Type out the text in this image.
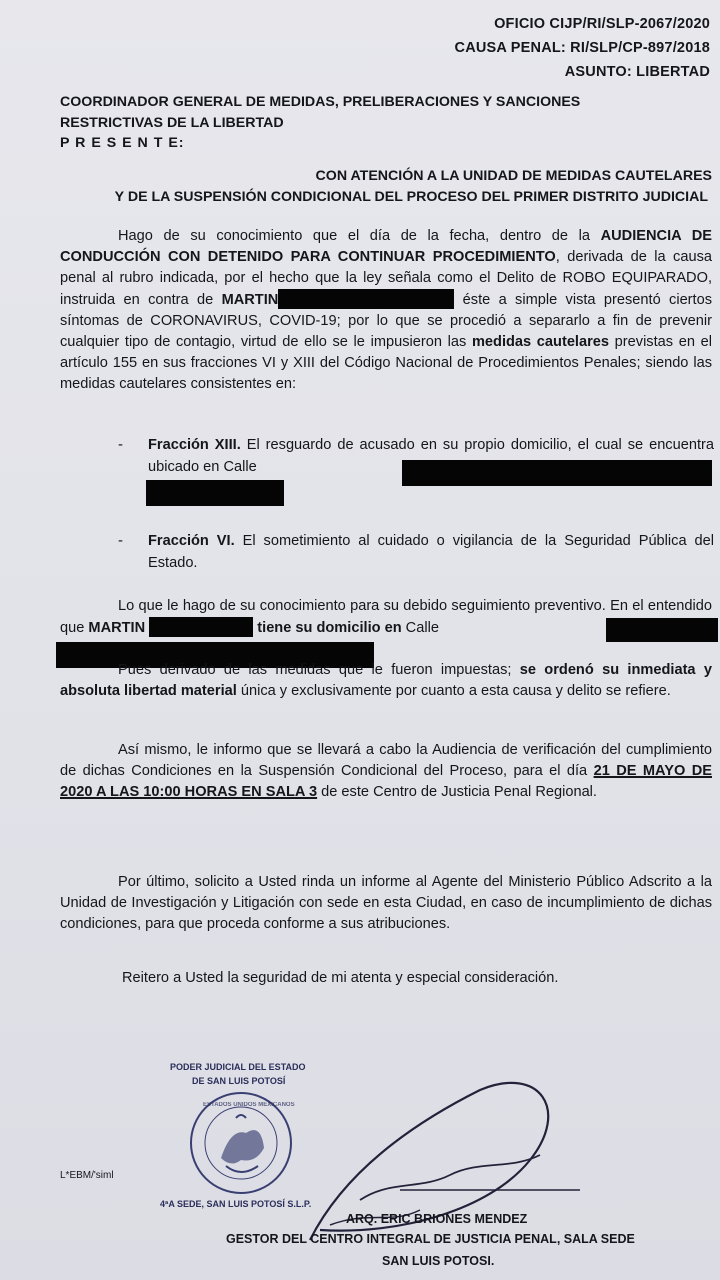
OFICIO CIJP/RI/SLP-2067/2020
CAUSA PENAL: RI/SLP/CP-897/2018
ASUNTO: LIBERTAD
COORDINADOR GENERAL DE MEDIDAS, PRELIBERACIONES Y SANCIONES
RESTRICTIVAS DE LA LIBERTAD
P R E S E N T E:
CON ATENCIÓN A LA UNIDAD DE MEDIDAS CAUTELARES
Y DE LA SUSPENSIÓN CONDICIONAL DEL PROCESO DEL PRIMER DISTRITO JUDICIAL
Hago de su conocimiento que el día de la fecha, dentro de la AUDIENCIA DE CONDUCCIÓN CON DETENIDO PARA CONTINUAR PROCEDIMIENTO, derivada de la causa penal al rubro indicada, por el hecho que la ley señala como el Delito de ROBO EQUIPARADO, instruida en contra de MARTIN	éste a simple vista presentó ciertos síntomas de CORONAVIRUS, COVID-19; por lo que se procedió a separarlo a fin de prevenir cualquier tipo de contagio, virtud de ello se le impusieron las medidas cautelares previstas en el artículo 155 en sus fracciones VI y XIII del Código Nacional de Procedimientos Penales; siendo las medidas cautelares consistentes en:
- Fracción XIII. El resguardo de acusado en su propio domicilio, el cual se encuentra ubicado en Calle
- Fracción VI. El sometimiento al cuidado o vigilancia de la Seguridad Pública del Estado.
Lo que le hago de su conocimiento para su debido seguimiento preventivo. En el entendido que MARTIN	tiene su domicilio en Calle
Pues derivado de las medidas que le fueron impuestas; se ordenó su inmediata y absoluta libertad material única y exclusivamente por cuanto a esta causa y delito se refiere.
Así mismo, le informo que se llevará a cabo la Audiencia de verificación del cumplimiento de dichas Condiciones en la Suspensión Condicional del Proceso, para el día 21 DE MAYO DE 2020 A LAS 10:00 HORAS EN SALA 3 de este Centro de Justicia Penal Regional.
Por último, solicito a Usted rinda un informe al Agente del Ministerio Público Adscrito a la Unidad de Investigación y Litigación con sede en esta Ciudad, en caso de incumplimiento de dichas condiciones, para que proceda conforme a sus atribuciones.
Reitero a Usted la seguridad de mi atenta y especial consideración.
PODER JUDICIAL DEL ESTADO
DE SAN LUIS POTOSÍ
ESTADOS UNIDOS MEXICANOS
4ªA SEDE, SAN LUIS POTOSÍ S.L.P.
L*EBM/'siml
ARQ. ERIC BRIONES MENDEZ
GESTOR DEL CENTRO INTEGRAL DE JUSTICIA PENAL, SALA SEDE
SAN LUIS POTOSI.
